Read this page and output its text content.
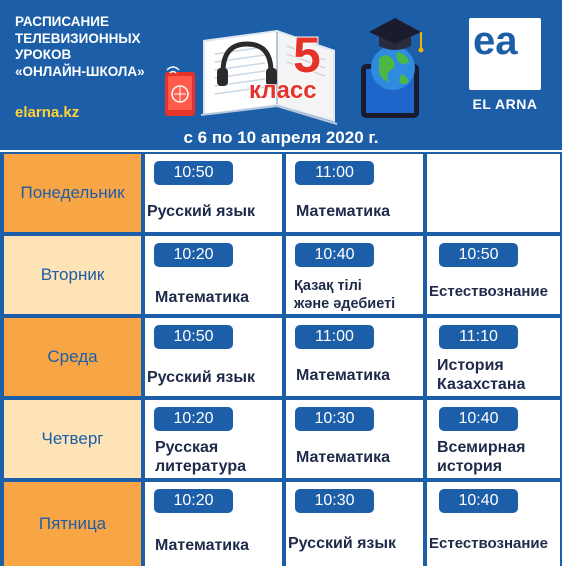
РАСПИСАНИЕ
ТЕЛЕВИЗИОННЫХ
УРОКОВ
«ОНЛАЙН-ШКОЛА»
elarna.kz
с 6 по 10 апреля 2020 г.
5
класс
ea
EL ARNA
Понедельник
10:50
Русский язык
11:00
Математика
Вторник
10:20
Математика
10:40
Қазақ тілі
және әдебиеті
10:50
Естествознание
Среда
10:50
Русский язык
11:00
Математика
11:10
История
Казахстана
Четверг
10:20
Русская
литература
10:30
Математика
10:40
Всемирная
история
Пятница
10:20
Математика
10:30
Русский язык
10:40
Естествознание
